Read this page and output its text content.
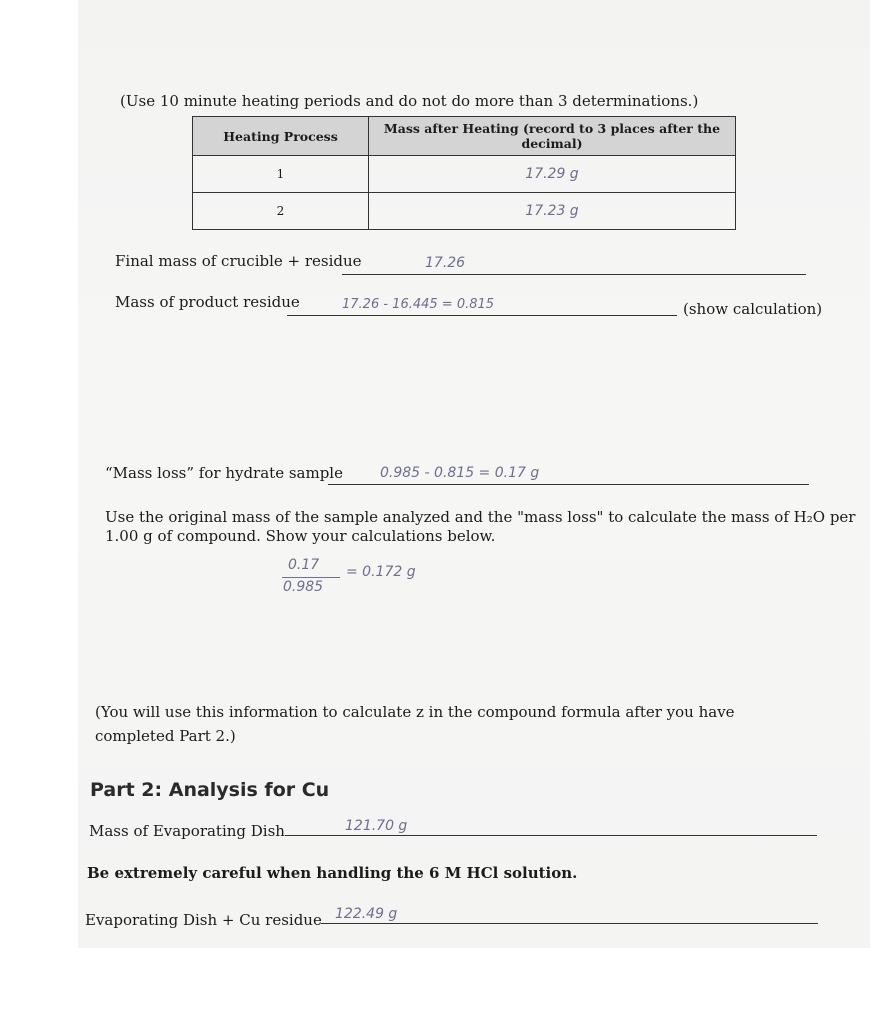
(Use 10 minute heating periods and do not do more than 3 determinations.)
Heating Process	Mass after Heating (record to 3 places after the decimal)
1	17.29 g
2	17.23 g
Final mass of crucible + residue	17.26
Mass of product residue	17.26 - 16.445 = 0.815	(show calculation)
“Mass loss” for hydrate sample	0.985 - 0.815 = 0.17 g
Use the original mass of the sample analyzed and the "mass loss" to calculate the mass of H₂O per
1.00 g of compound. Show your calculations below.
0.17
0.985
= 0.172 g
(You will use this information to calculate z in the compound formula after you have
completed Part 2.)
Part 2: Analysis for Cu
Mass of Evaporating Dish	121.70 g
Be extremely careful when handling the 6 M HCl solution.
Evaporating Dish + Cu residue 122.49 g
